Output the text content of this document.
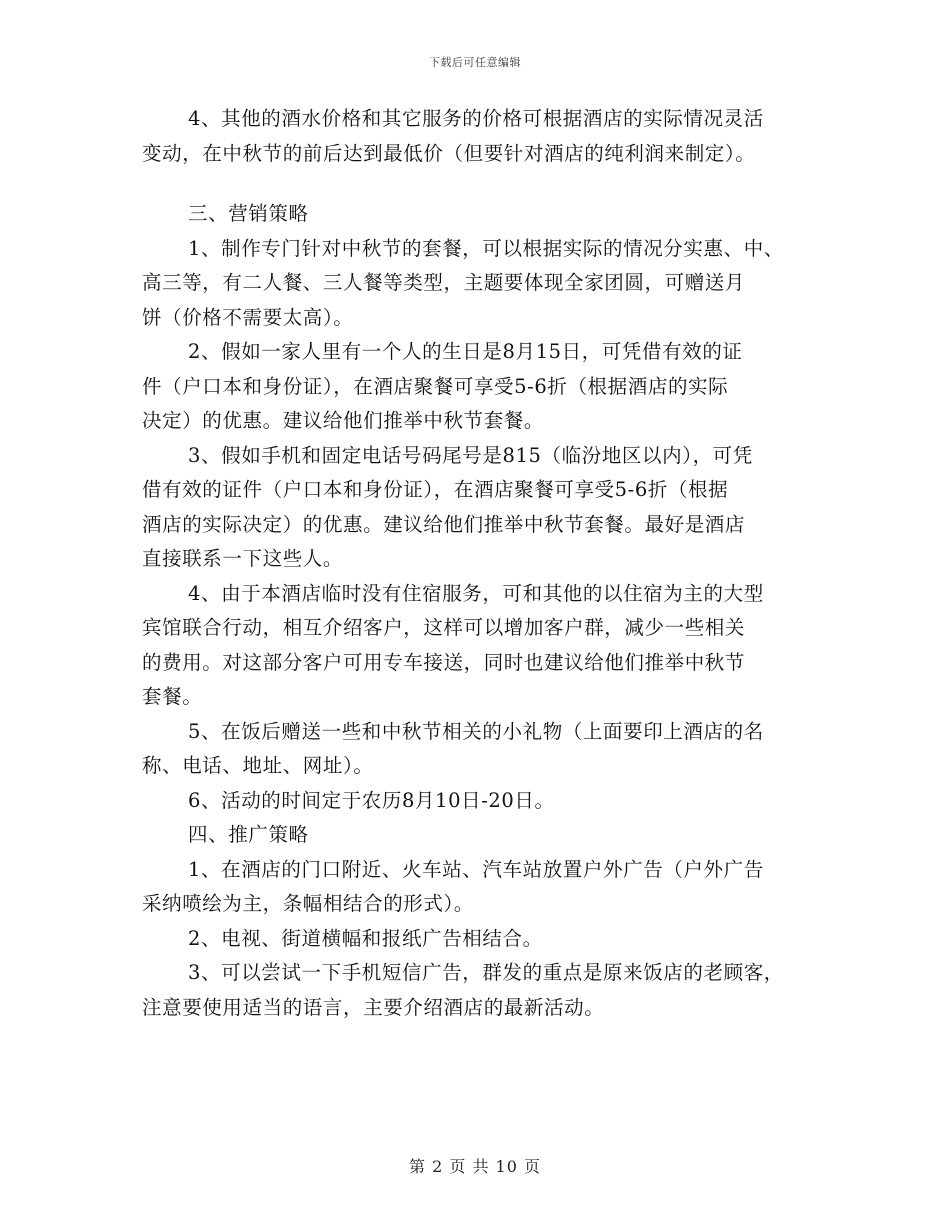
下载后可任意编辑
4、其他的酒水价格和其它服务的价格可根据酒店的实际情况灵活
变动，在中秋节的前后达到最低价（但要针对酒店的纯利润来制定）。
三、营销策略
1、制作专门针对中秋节的套餐，可以根据实际的情况分实惠、中、
高三等，有二人餐、三人餐等类型，主题要体现全家团圆，可赠送月
饼（价格不需要太高）。
2、假如一家人里有一个人的生日是8月15日，可凭借有效的证
件（户口本和身份证），在酒店聚餐可享受5-6折（根据酒店的实际
决定）的优惠。建议给他们推举中秋节套餐。
3、假如手机和固定电话号码尾号是815（临汾地区以内），可凭
借有效的证件（户口本和身份证），在酒店聚餐可享受5-6折（根据
酒店的实际决定）的优惠。建议给他们推举中秋节套餐。最好是酒店
直接联系一下这些人。
4、由于本酒店临时没有住宿服务，可和其他的以住宿为主的大型
宾馆联合行动，相互介绍客户，这样可以增加客户群，减少一些相关
的费用。对这部分客户可用专车接送，同时也建议给他们推举中秋节
套餐。
5、在饭后赠送一些和中秋节相关的小礼物（上面要印上酒店的名
称、电话、地址、网址）。
6、活动的时间定于农历8月10日-20日。
四、推广策略
1、在酒店的门口附近、火车站、汽车站放置户外广告（户外广告
采纳喷绘为主，条幅相结合的形式）。
2、电视、街道横幅和报纸广告相结合。
3、可以尝试一下手机短信广告，群发的重点是原来饭店的老顾客，
注意要使用适当的语言，主要介绍酒店的最新活动。
第 2 页 共 10 页
